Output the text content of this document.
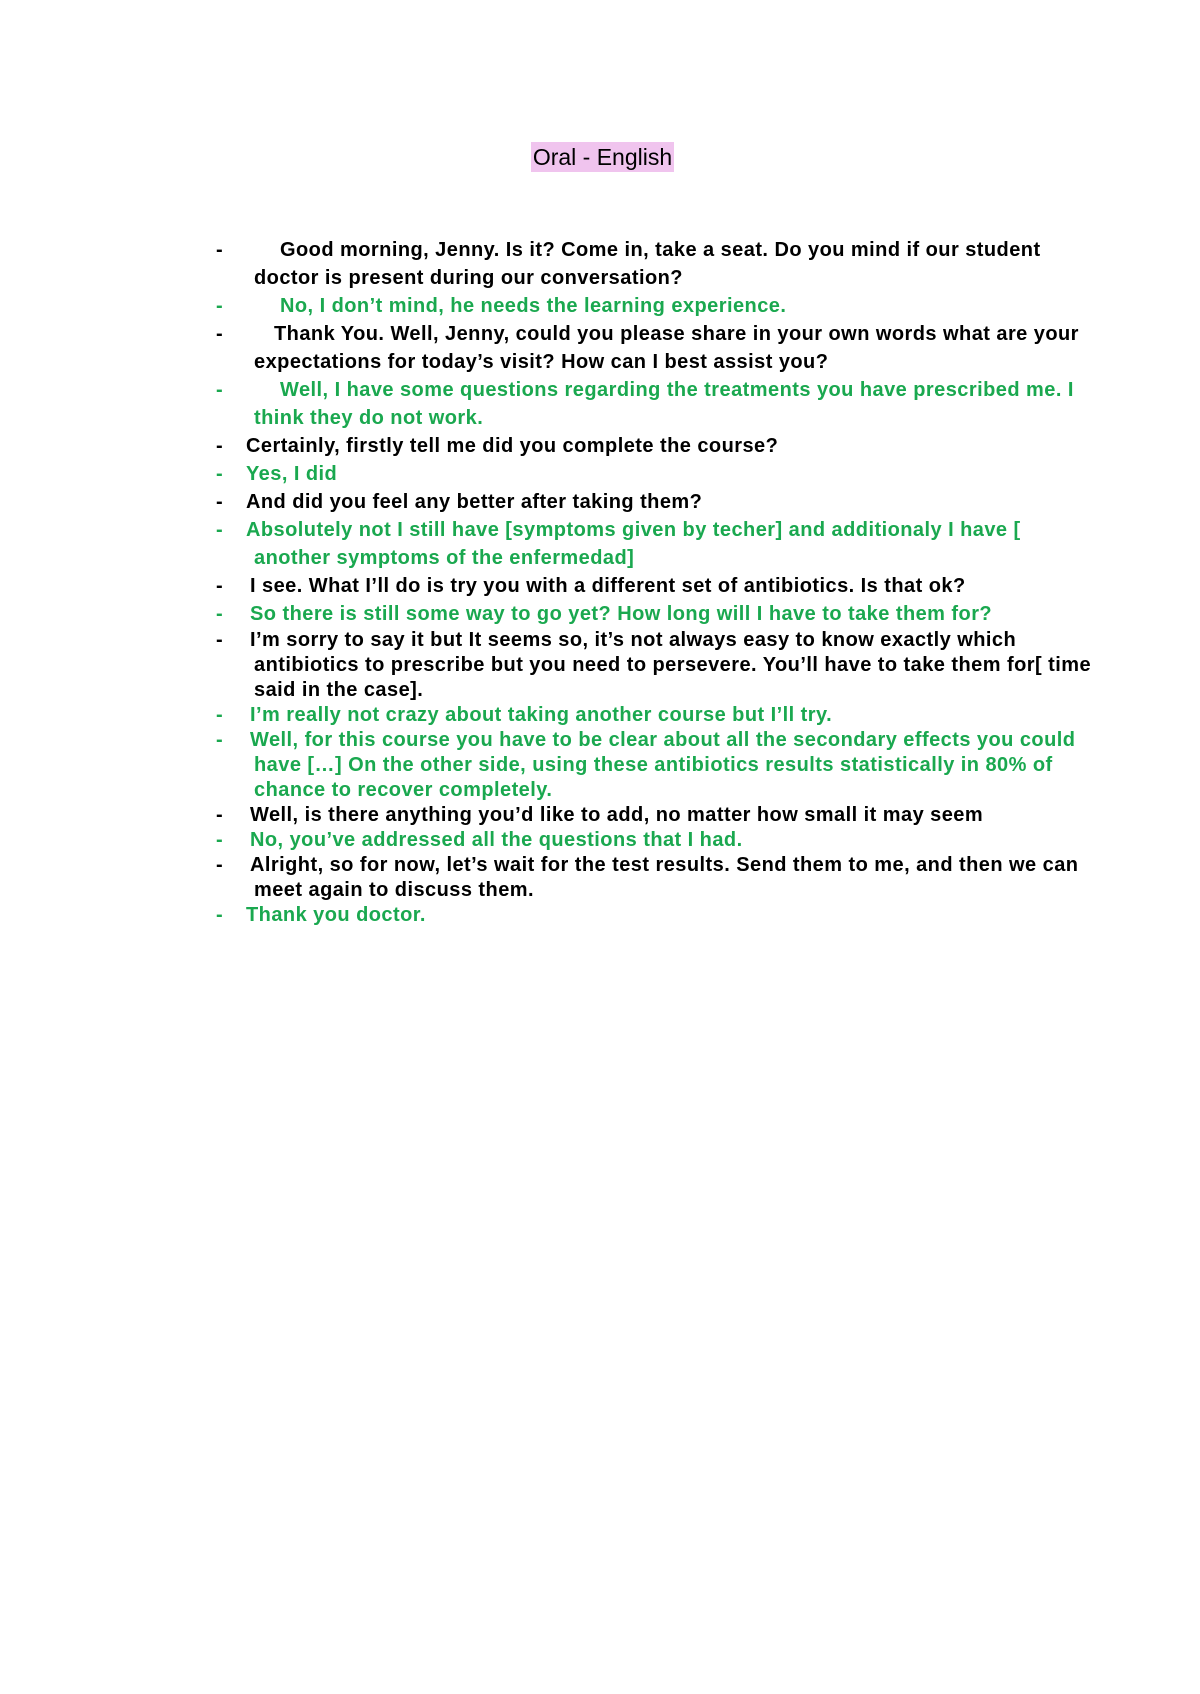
Oral - English
-	Good morning, Jenny. Is it? Come in, take a seat. Do you mind if our student doctor is present during our conversation?
-	No, I don’t mind, he needs the learning experience.
-	Thank You. Well, Jenny, could you please share in your own words what are your expectations for today’s visit? How can I best assist you?
-	Well, I have some questions regarding the treatments you have prescribed me. I think they do not work.
- Certainly, firstly tell me did you complete the course?
- Yes, I did
- And did you feel any better after taking them?
- Absolutely not I still have [symptoms given by techer] and additionaly I have [ another symptoms of the enfermedad]
- I see. What I’ll do is try you with a different set of antibiotics. Is that ok?
- So there is still some way to go yet? How long will I have to take them for?
- I’m sorry to say it but It seems so, it’s not always easy to know exactly which antibiotics to prescribe but you need to persevere. You’ll have to take them for[ time said in the case].
- I’m really not crazy about taking another course but I’ll try.
- Well, for this course you have to be clear about all the secondary effects you could have […] On the other side, using these antibiotics results statistically in 80% of chance to recover completely.
- Well, is there anything you’d like to add, no matter how small it may seem
- No, you’ve addressed all the questions that I had.
- Alright, so for now, let’s wait for the test results. Send them to me, and then we can meet again to discuss them.
- Thank you doctor.
